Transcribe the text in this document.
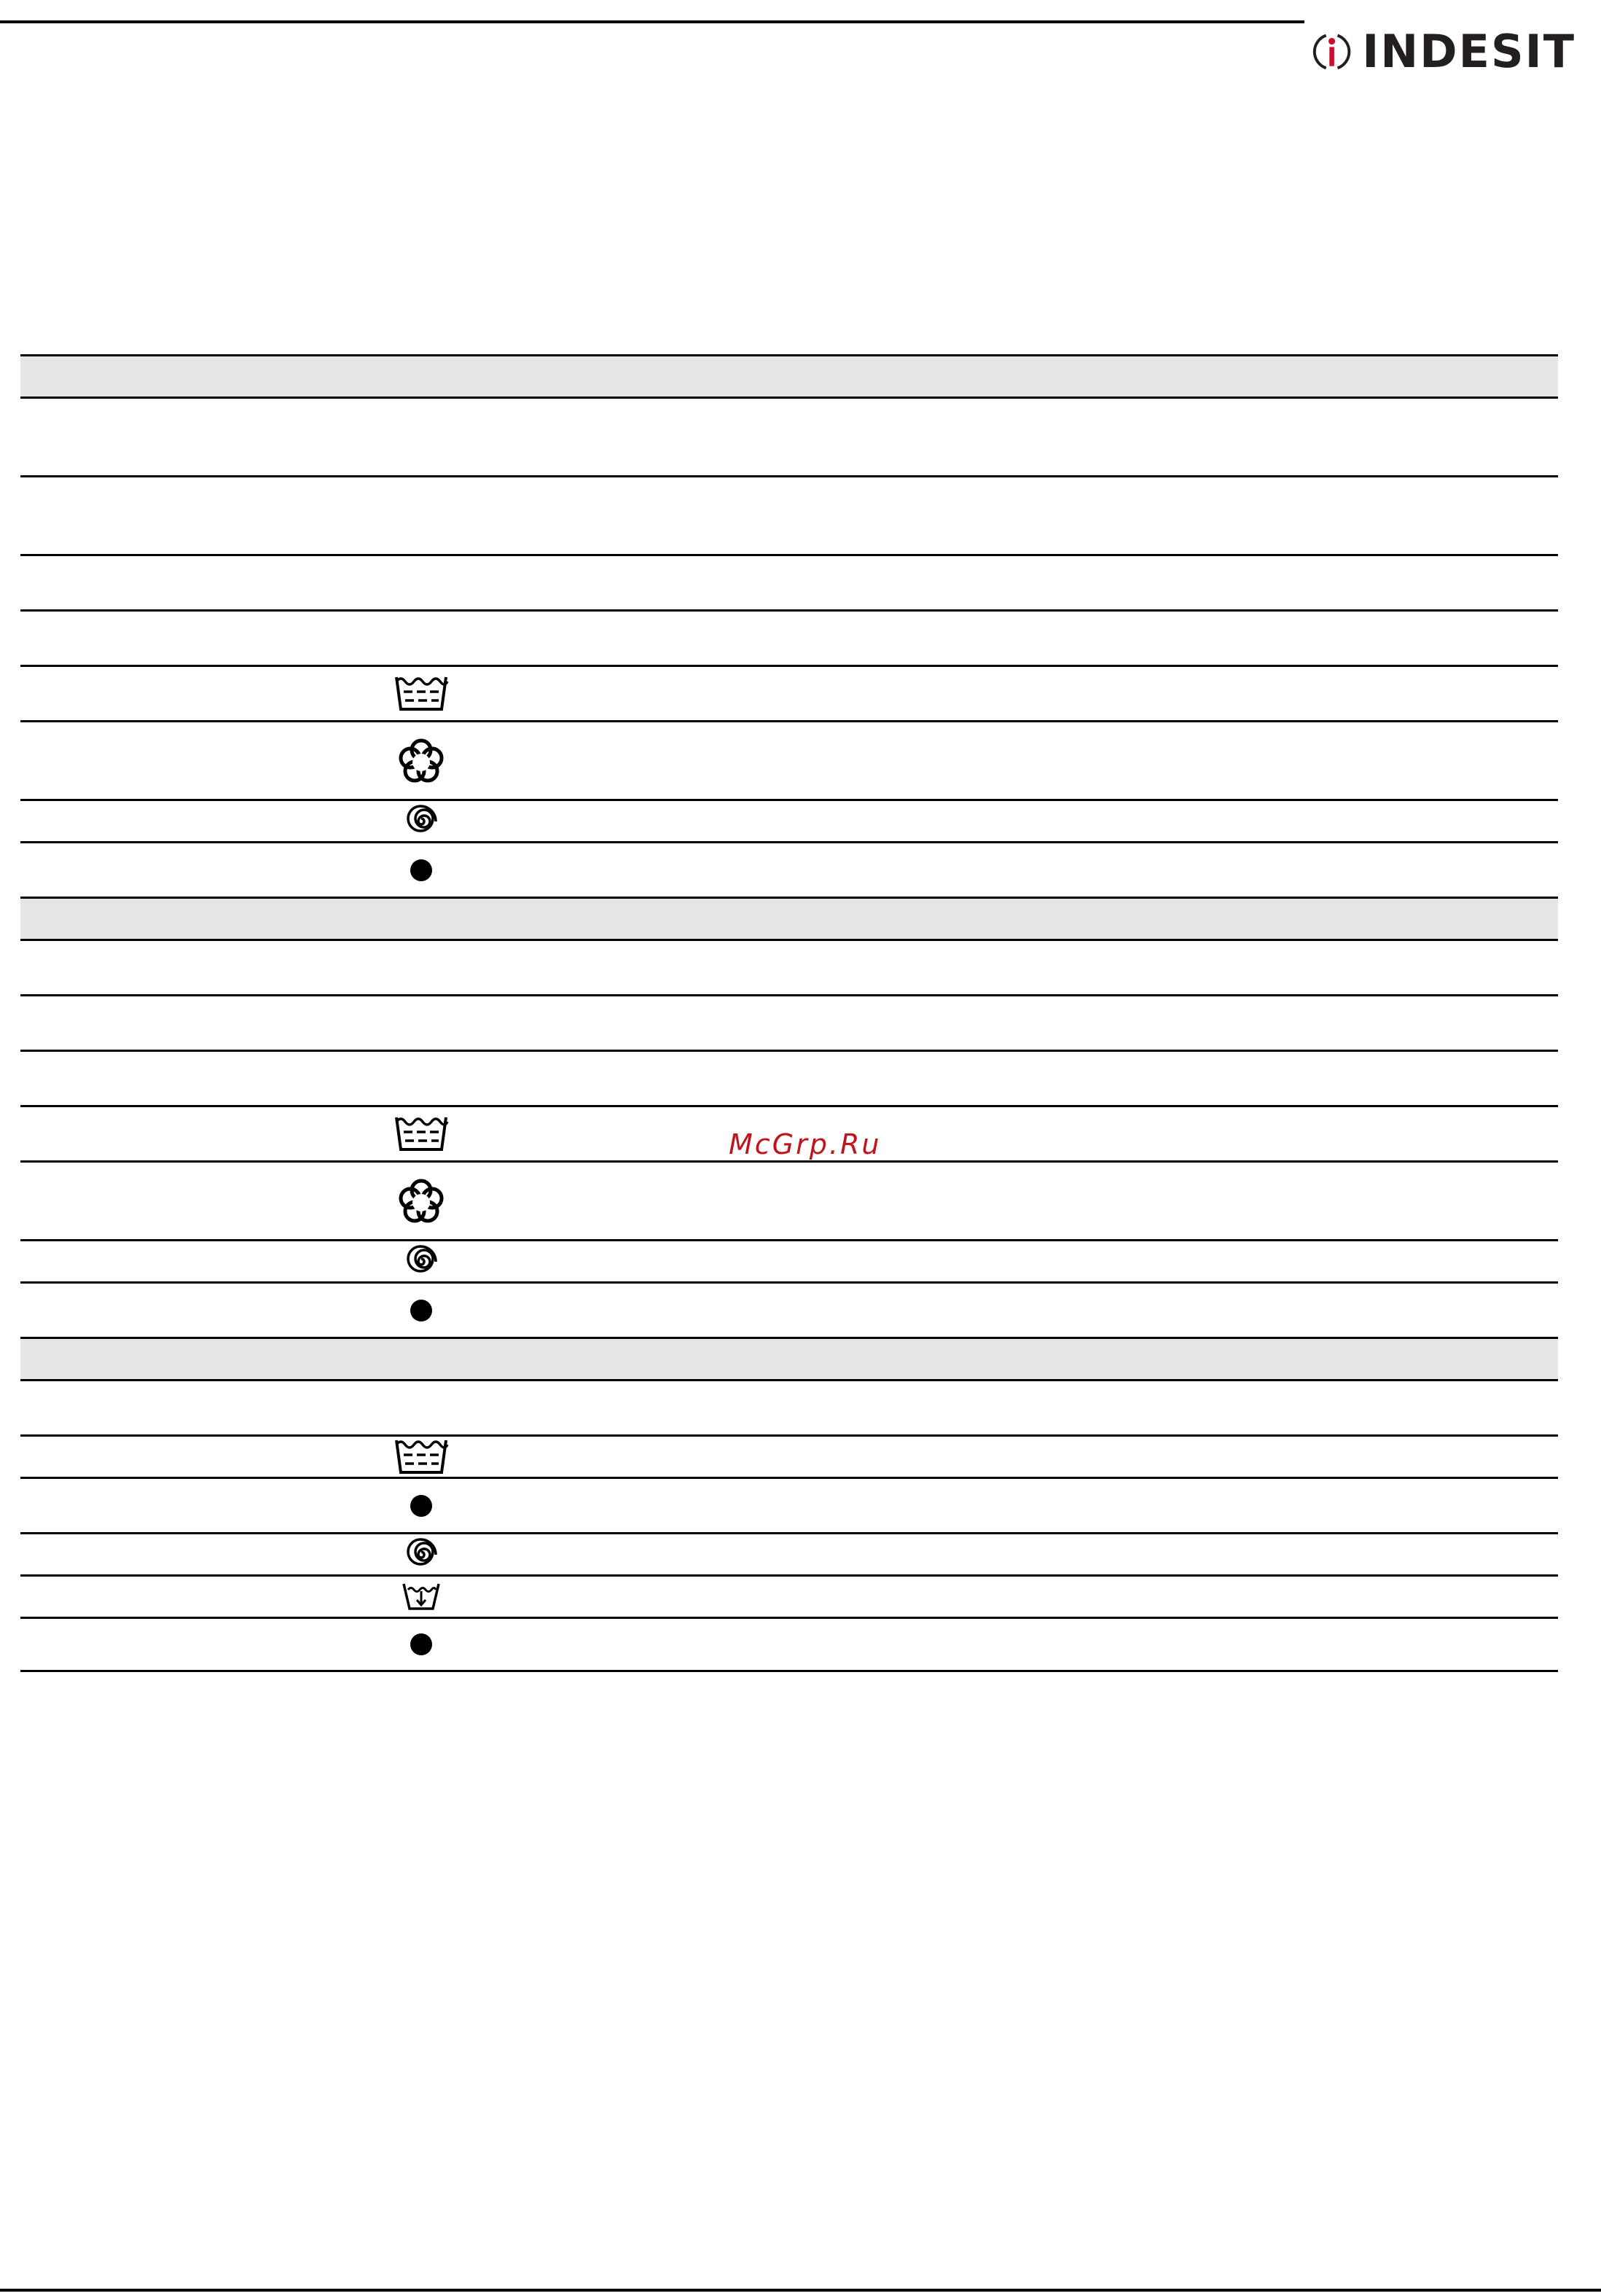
INDESIT
McGrp.Ru
